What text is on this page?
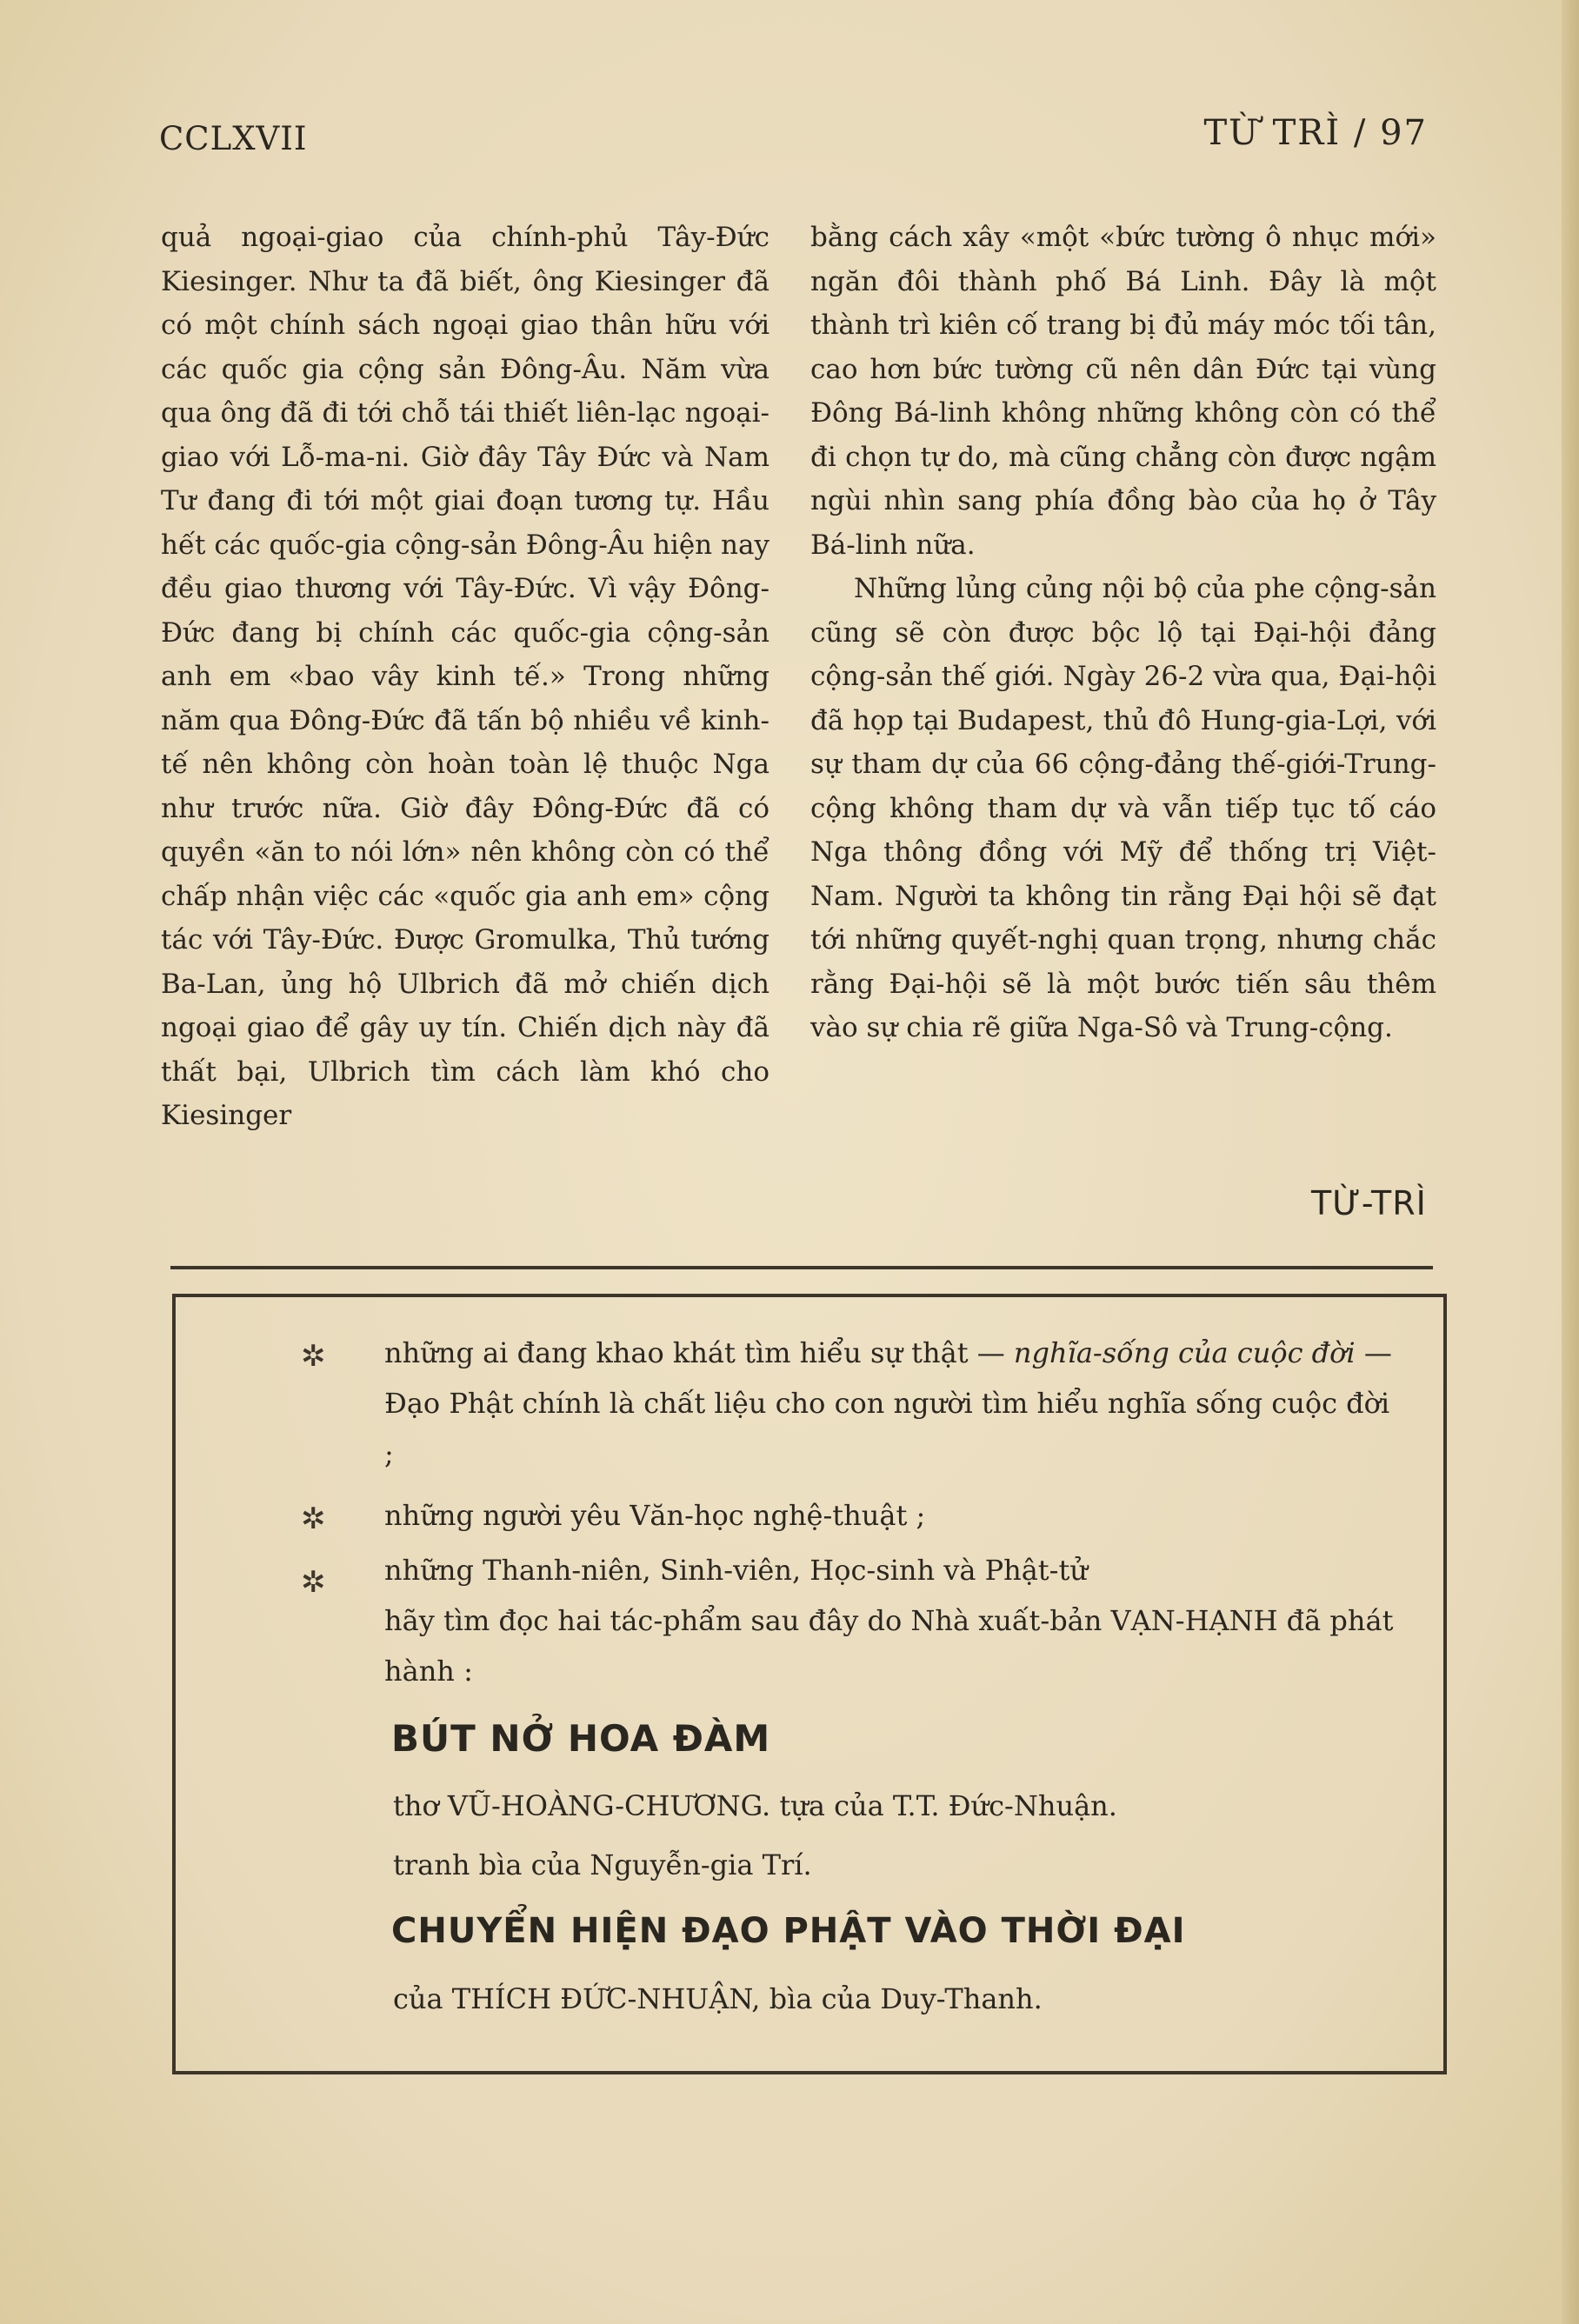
CCLXVII	TỪ TRÌ / 97

quả ngoại-giao của chính-phủ Tây-Đức Kiesinger. Như ta đã biết, ông Kiesinger đã có một chính sách ngoại giao thân hữu với các quốc gia cộng sản Đông-Âu. Năm vừa qua ông đã đi tới chỗ tái thiết liên-lạc ngoại-giao với Lỗ-ma-ni. Giờ đây Tây Đức và Nam Tư đang đi tới một giai đoạn tương tự. Hầu hết các quốc-gia cộng-sản Đông-Âu hiện nay đều giao thương với Tây-Đức. Vì vậy Đông-Đức đang bị chính các quốc-gia cộng-sản anh em «bao vây kinh tế.» Trong những năm qua Đông-Đức đã tấn bộ nhiều về kinh-tế nên không còn hoàn toàn lệ thuộc Nga như trước nữa. Giờ đây Đông-Đức đã có quyền «ăn to nói lớn» nên không còn có thể chấp nhận việc các «quốc gia anh em» cộng tác với Tây-Đức. Được Gromulka, Thủ tướng Ba-Lan, ủng hộ Ulbrich đã mở chiến dịch ngoại giao để gây uy tín. Chiến dịch này đã thất bại, Ulbrich tìm cách làm khó cho Kiesinger

bằng cách xây «một «bức tường ô nhục mới» ngăn đôi thành phố Bá Linh. Đây là một thành trì kiên cố trang bị đủ máy móc tối tân, cao hơn bức tường cũ nên dân Đức tại vùng Đông Bá-linh không những không còn có thể đi chọn tự do, mà cũng chẳng còn được ngậm ngùi nhìn sang phía đồng bào của họ ở Tây Bá-linh nữa.

Những lủng củng nội bộ của phe cộng-sản cũng sẽ còn được bộc lộ tại Đại-hội đảng cộng-sản thế giới. Ngày 26-2 vừa qua, Đại-hội đã họp tại Budapest, thủ đô Hung-gia-Lợi, với sự tham dự của 66 cộng-đảng thế-giới-Trung-cộng không tham dự và vẫn tiếp tục tố cáo Nga thông đồng với Mỹ để thống trị Việt-Nam. Người ta không tin rằng Đại hội sẽ đạt tới những quyết-nghị quan trọng, nhưng chắc rằng Đại-hội sẽ là một bước tiến sâu thêm vào sự chia rẽ giữa Nga-Sô và Trung-cộng.

TỪ-TRÌ
✲ những ai đang khao khát tìm hiểu sự thật — nghĩa-sống của cuộc đời — Đạo Phật chính là chất liệu cho con người tìm hiểu nghĩa sống cuộc đời ;
✲ những người yêu Văn-học nghệ-thuật ;
✲ những Thanh-niên, Sinh-viên, Học-sinh và Phật-tử
hãy tìm đọc hai tác-phẩm sau đây do Nhà xuất-bản VẠN-HẠNH đã phát hành :
BÚT NỞ HOA ĐÀM
thơ VŨ-HOÀNG-CHƯƠNG. tựa của T.T. Đức-Nhuận.
tranh bìa của Nguyễn-gia Trí.
CHUYỂN HIỆN ĐẠO PHẬT VÀO THỜI ĐẠI
của THÍCH ĐỨC-NHUẬN, bìa của Duy-Thanh.
